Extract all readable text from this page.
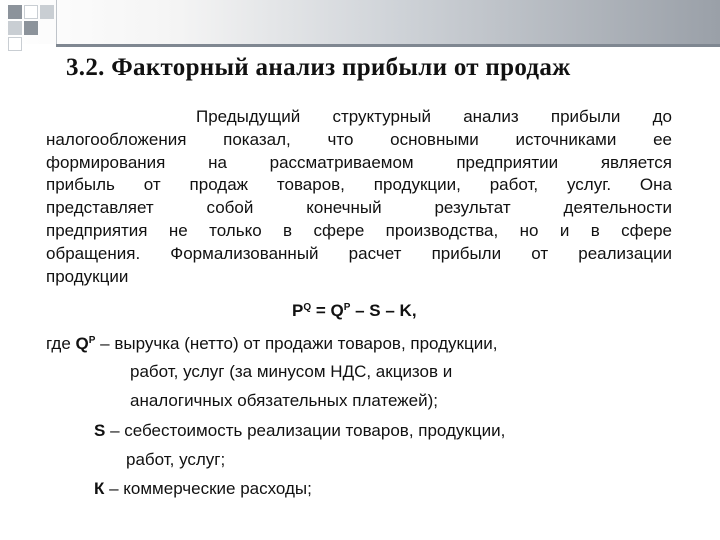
3.2. Факторный анализ прибыли от продаж
Предыдущий структурный анализ прибыли до
налогообложения показал, что основными источниками ее
формирования на рассматриваемом предприятии является
прибыль от продаж товаров, продукции, работ, услуг. Она
представляет собой конечный результат деятельности
предприятия не только в сфере производства, но и в сфере
обращения. Формализованный расчет прибыли от реализации
продукции
$P^Q = Q^P - S - K$,
где $Q^P$ – выручка (нетто) от продажи товаров, продукции,
работ, услуг (за минусом НДС, акцизов и
аналогичных обязательных платежей);
S – себестоимость реализации товаров, продукции,
работ, услуг;
К – коммерческие расходы;
